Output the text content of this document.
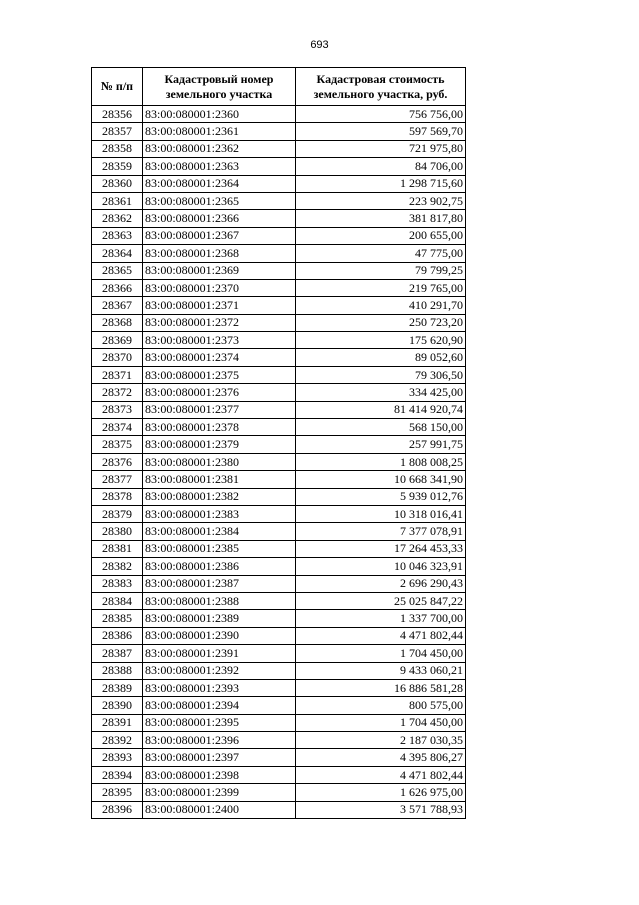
693
№ п/п	Кадастровый номер земельного участка	Кадастровая стоимость земельного участка, руб.
28356	83:00:080001:2360	756 756,00
28357	83:00:080001:2361	597 569,70
28358	83:00:080001:2362	721 975,80
28359	83:00:080001:2363	84 706,00
28360	83:00:080001:2364	1 298 715,60
28361	83:00:080001:2365	223 902,75
28362	83:00:080001:2366	381 817,80
28363	83:00:080001:2367	200 655,00
28364	83:00:080001:2368	47 775,00
28365	83:00:080001:2369	79 799,25
28366	83:00:080001:2370	219 765,00
28367	83:00:080001:2371	410 291,70
28368	83:00:080001:2372	250 723,20
28369	83:00:080001:2373	175 620,90
28370	83:00:080001:2374	89 052,60
28371	83:00:080001:2375	79 306,50
28372	83:00:080001:2376	334 425,00
28373	83:00:080001:2377	81 414 920,74
28374	83:00:080001:2378	568 150,00
28375	83:00:080001:2379	257 991,75
28376	83:00:080001:2380	1 808 008,25
28377	83:00:080001:2381	10 668 341,90
28378	83:00:080001:2382	5 939 012,76
28379	83:00:080001:2383	10 318 016,41
28380	83:00:080001:2384	7 377 078,91
28381	83:00:080001:2385	17 264 453,33
28382	83:00:080001:2386	10 046 323,91
28383	83:00:080001:2387	2 696 290,43
28384	83:00:080001:2388	25 025 847,22
28385	83:00:080001:2389	1 337 700,00
28386	83:00:080001:2390	4 471 802,44
28387	83:00:080001:2391	1 704 450,00
28388	83:00:080001:2392	9 433 060,21
28389	83:00:080001:2393	16 886 581,28
28390	83:00:080001:2394	800 575,00
28391	83:00:080001:2395	1 704 450,00
28392	83:00:080001:2396	2 187 030,35
28393	83:00:080001:2397	4 395 806,27
28394	83:00:080001:2398	4 471 802,44
28395	83:00:080001:2399	1 626 975,00
28396	83:00:080001:2400	3 571 788,93
